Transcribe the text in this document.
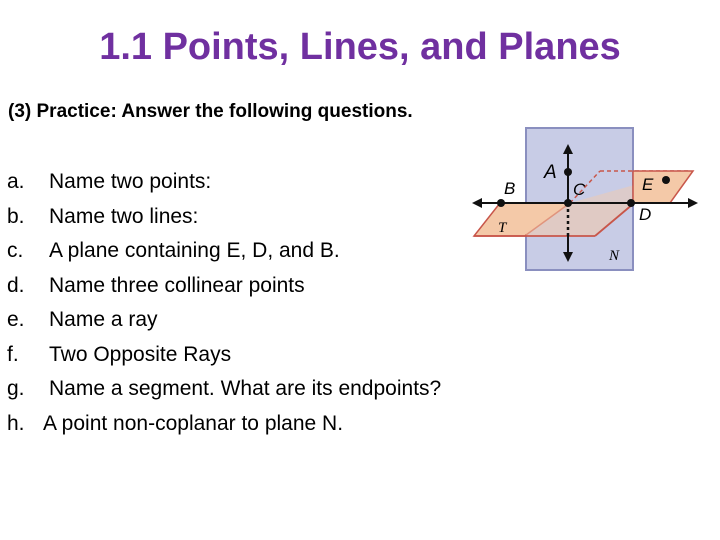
1.1 Points, Lines, and Planes
(3) Practice: Answer the following questions.
a.	Name two points:
b.	Name two lines:
c.	A plane containing E, D, and B.
d.	Name three collinear points
e.	Name a ray
f.	Two Opposite Rays
g.	Name a segment. What are its endpoints?
h. A point non-coplanar to plane N.
A
B	C
D
E
T
N
